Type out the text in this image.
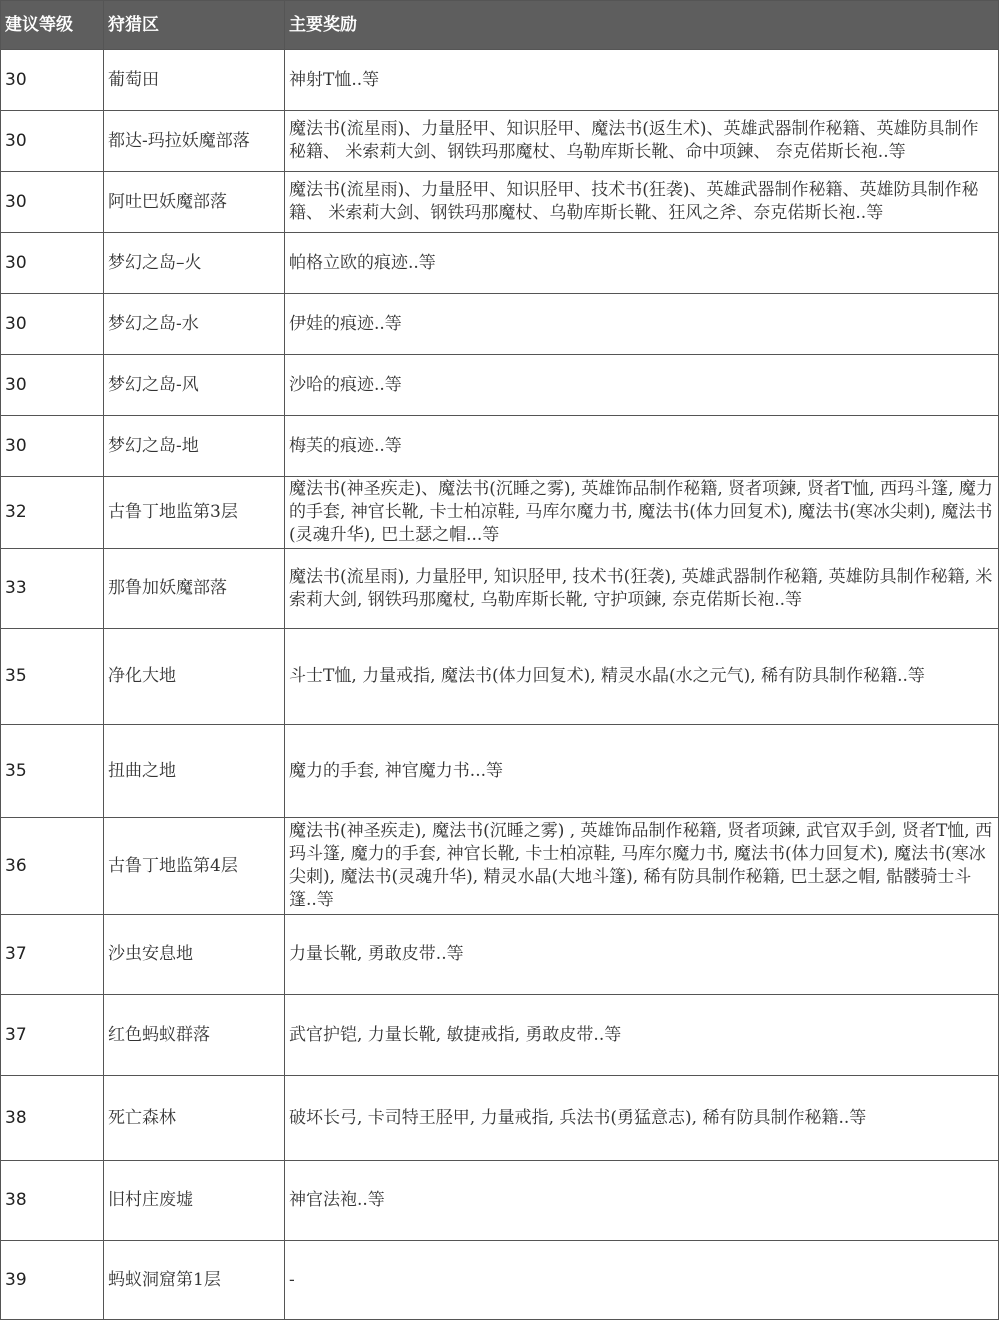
建议等级	狩猎区	主要奖励
30	葡萄田	神射T恤..等
30	都达-玛拉妖魔部落	魔法书(流星雨)、力量胫甲、知识胫甲、魔法书(返生术)、英雄武器制作秘籍、英雄防具制作秘籍、 米索莉大剑、钢铁玛那魔杖、乌勒库斯长靴、命中项鍊、 奈克偌斯长袍..等
30	阿吐巴妖魔部落	魔法书(流星雨)、力量胫甲、知识胫甲、技术书(狂袭)、英雄武器制作秘籍、英雄防具制作秘籍、 米索莉大剑、钢铁玛那魔杖、乌勒库斯长靴、狂风之斧、奈克偌斯长袍..等
30	梦幻之岛–火	帕格立欧的痕迹..等
30	梦幻之岛-水	伊娃的痕迹..等
30	梦幻之岛-风	沙哈的痕迹..等
30	梦幻之岛-地	梅芙的痕迹..等
32	古鲁丁地监第3层	魔法书(神圣疾走)、魔法书(沉睡之雾), 英雄饰品制作秘籍, 贤者项鍊, 贤者T恤, 西玛斗篷, 魔力的手套, 神官长靴, 卡士柏凉鞋, 马库尔魔力书, 魔法书(体力回复术), 魔法书(寒冰尖刺), 魔法书(灵魂升华), 巴土瑟之帽...等
33	那鲁加妖魔部落	魔法书(流星雨), 力量胫甲, 知识胫甲, 技术书(狂袭), 英雄武器制作秘籍, 英雄防具制作秘籍, 米索莉大剑, 钢铁玛那魔杖, 乌勒库斯长靴, 守护项鍊, 奈克偌斯长袍..等
35	净化大地	斗士T恤, 力量戒指, 魔法书(体力回复术), 精灵水晶(水之元气), 稀有防具制作秘籍..等
35	扭曲之地	魔力的手套, 神官魔力书...等
36	古鲁丁地监第4层	魔法书(神圣疾走), 魔法书(沉睡之雾) , 英雄饰品制作秘籍, 贤者项鍊, 武官双手剑, 贤者T恤, 西玛斗篷, 魔力的手套, 神官长靴, 卡士柏凉鞋, 马库尔魔力书, 魔法书(体力回复术), 魔法书(寒冰尖刺), 魔法书(灵魂升华), 精灵水晶(大地斗篷), 稀有防具制作秘籍, 巴土瑟之帽, 骷髅骑士斗篷..等
37	沙虫安息地	力量长靴, 勇敢皮带..等
37	红色蚂蚁群落	武官护铠, 力量长靴, 敏捷戒指, 勇敢皮带..等
38	死亡森林	破坏长弓, 卡司特王胫甲, 力量戒指, 兵法书(勇猛意志), 稀有防具制作秘籍..等
38	旧村庄废墟	神官法袍..等
39	蚂蚁洞窟第1层	-
